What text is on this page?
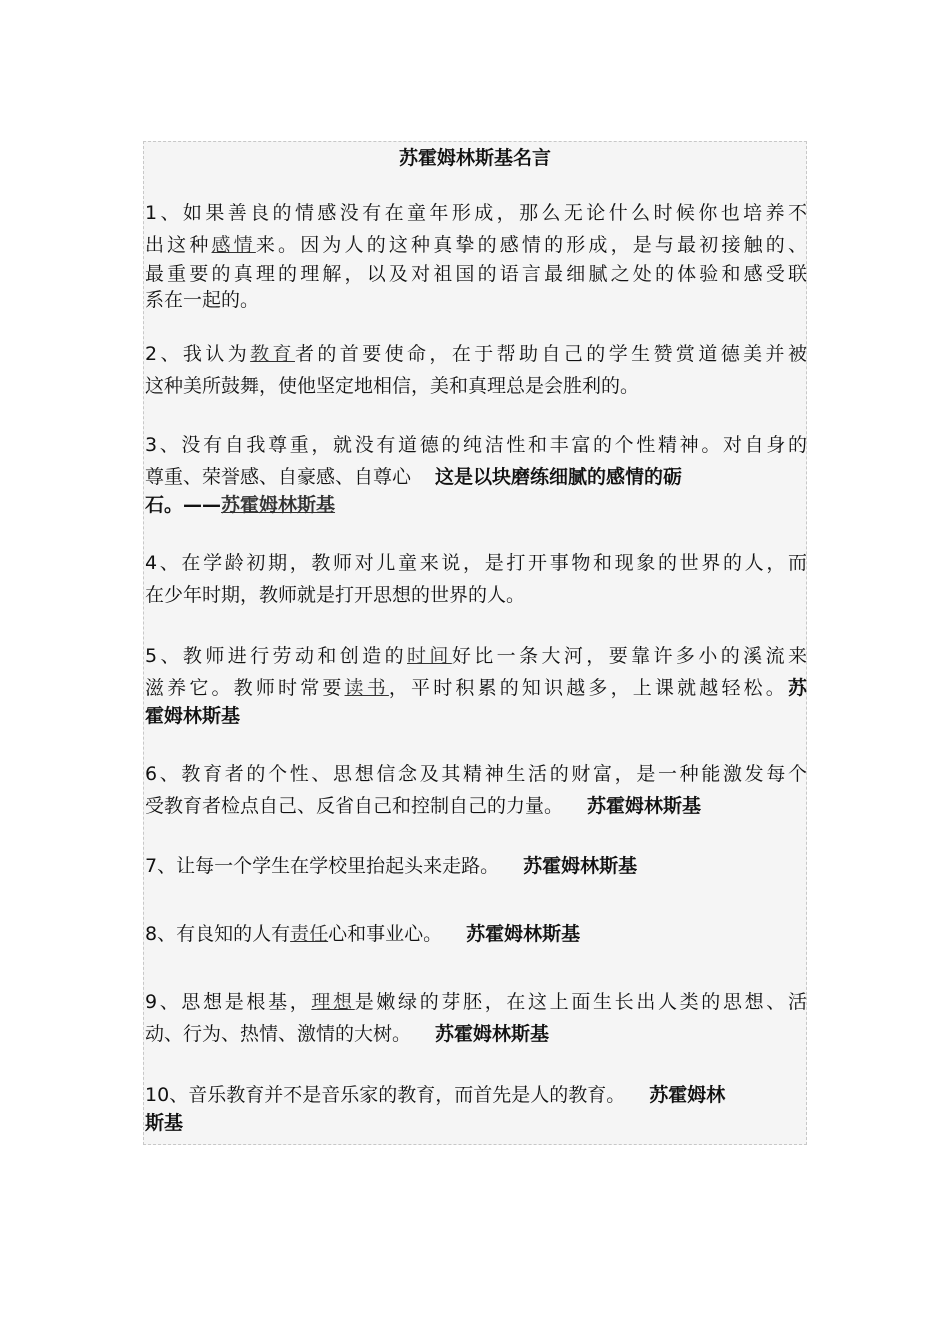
苏霍姆林斯基名言
1、如果善良的情感没有在童年形成，那么无论什么时候你也培养不
出这种感情来。因为人的这种真挚的感情的形成，是与最初接触的、
最重要的真理的理解，以及对祖国的语言最细腻之处的体验和感受联
系在一起的。
2、我认为教育者的首要使命，在于帮助自己的学生赞赏道德美并被
这种美所鼓舞，使他坚定地相信，美和真理总是会胜利的。
3、没有自我尊重，就没有道德的纯洁性和丰富的个性精神。对自身的
尊重、荣誉感、自豪感、自尊心 这是以块磨练细腻的感情的砺
石。——苏霍姆林斯基
4、在学龄初期，教师对儿童来说，是打开事物和现象的世界的人，而
在少年时期，教师就是打开思想的世界的人。
5、教师进行劳动和创造的时间好比一条大河，要靠许多小的溪流来
滋养它。教师时常要读书，平时积累的知识越多，上课就越轻松。苏
霍姆林斯基
6、教育者的个性、思想信念及其精神生活的财富，是一种能激发每个
受教育者检点自己、反省自己和控制自己的力量。 苏霍姆林斯基
7、让每一个学生在学校里抬起头来走路。 苏霍姆林斯基
8、有良知的人有责任心和事业心。 苏霍姆林斯基
9、思想是根基，理想是嫩绿的芽胚，在这上面生长出人类的思想、活
动、行为、热情、激情的大树。 苏霍姆林斯基
10、音乐教育并不是音乐家的教育，而首先是人的教育。 苏霍姆林
斯基
